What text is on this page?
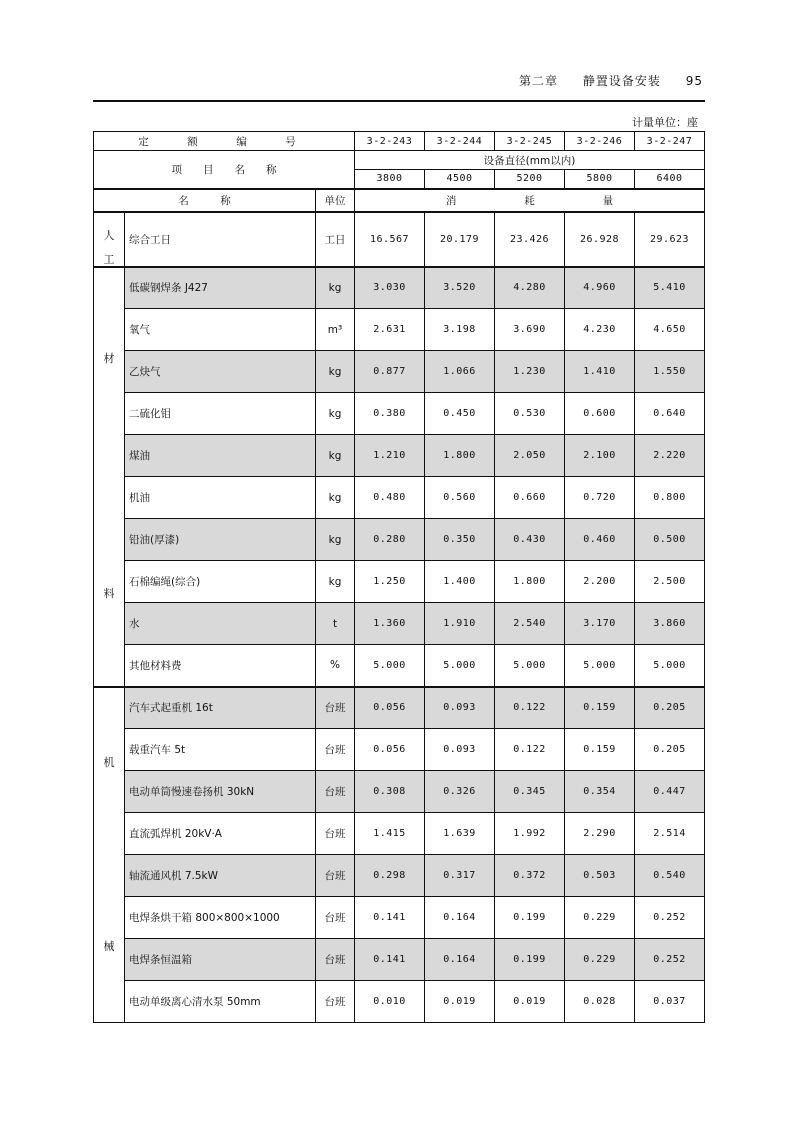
第二章 静置设备安装 95
计量单位：座
定　额　编　号			3-2-243	3-2-244	3-2-245	3-2-246	3-2-247
项　　目　　名　　称			设备直径(mm以内)				
			3800	4500	5200	5800	6400
名　　　称		单位	消 耗 量				

人
工	综合工日	工日	16.567	20.179	23.426	26.928	29.623

材
料	低碳钢焊条 J427	kg	3.030	3.520	4.280	4.960	5.410
	氧气	m³	2.631	3.198	3.690	4.230	4.650
	乙炔气	kg	0.877	1.066	1.230	1.410	1.550
	二硫化钼	kg	0.380	0.450	0.530	0.600	0.640
	煤油	kg	1.210	1.800	2.050	2.100	2.220
	机油	kg	0.480	0.560	0.660	0.720	0.800
	铅油(厚漆)	kg	0.280	0.350	0.430	0.460	0.500
	石棉编绳(综合)	kg	1.250	1.400	1.800	2.200	2.500
	水	t	1.360	1.910	2.540	3.170	3.860
	其他材料费	%	5.000	5.000	5.000	5.000	5.000

机
械	汽车式起重机 16t	台班	0.056	0.093	0.122	0.159	0.205
	载重汽车 5t	台班	0.056	0.093	0.122	0.159	0.205
	电动单筒慢速卷扬机 30kN	台班	0.308	0.326	0.345	0.354	0.447
	直流弧焊机 20kV·A	台班	1.415	1.639	1.992	2.290	2.514
	轴流通风机 7.5kW	台班	0.298	0.317	0.372	0.503	0.540
	电焊条烘干箱 800×800×1000	台班	0.141	0.164	0.199	0.229	0.252
	电焊条恒温箱	台班	0.141	0.164	0.199	0.229	0.252
	电动单级离心清水泵 50mm	台班	0.010	0.019	0.019	0.028	0.037
